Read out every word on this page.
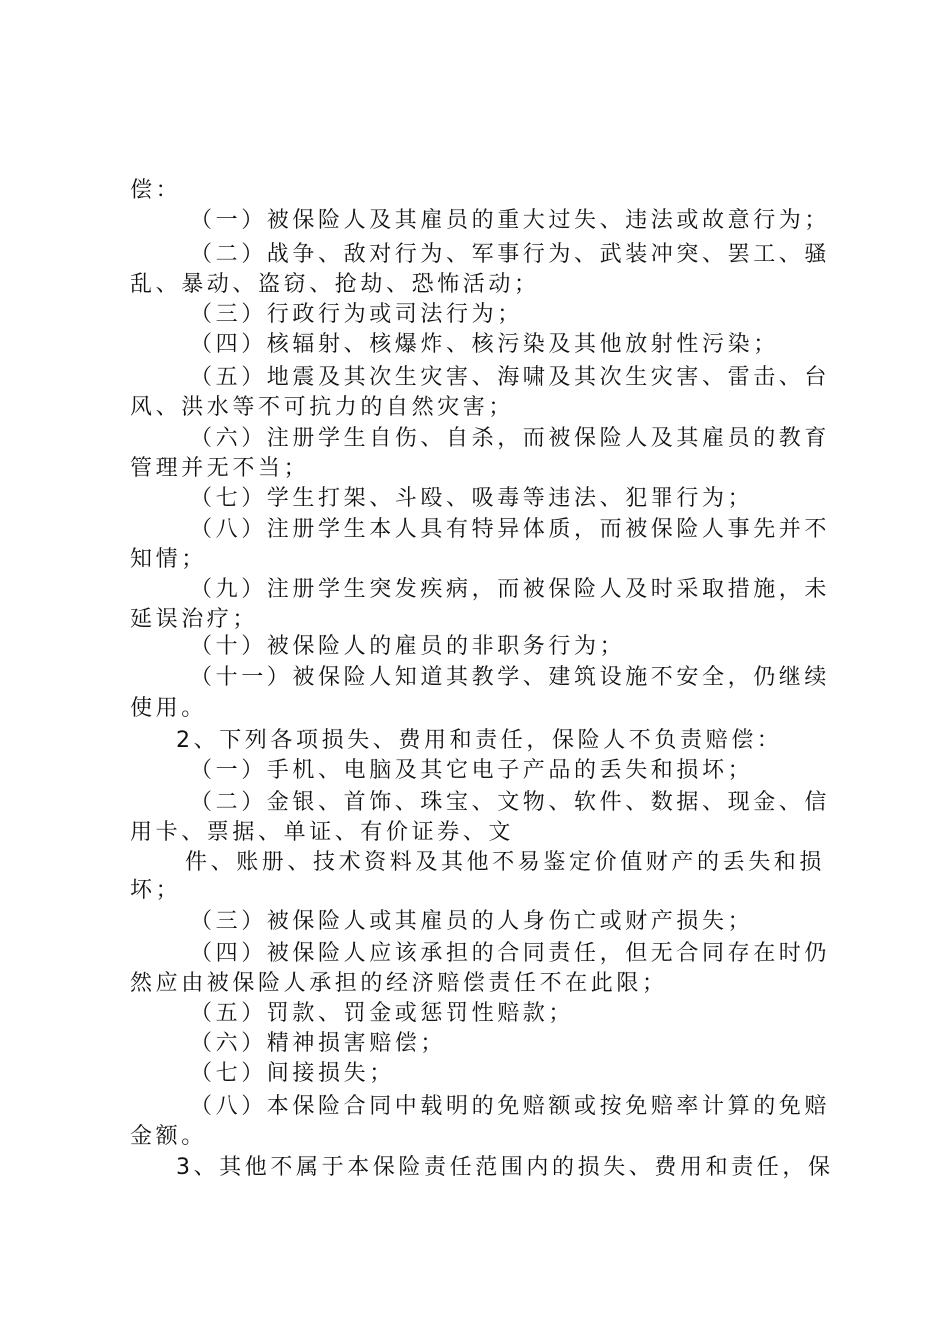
偿：
（一）被保险人及其雇员的重大过失、违法或故意行为；
（二）战争、敌对行为、军事行为、武装冲突、罢工、骚
乱、暴动、盗窃、抢劫、恐怖活动；
（三）行政行为或司法行为；
（四）核辐射、核爆炸、核污染及其他放射性污染；
（五）地震及其次生灾害、海啸及其次生灾害、雷击、台
风、洪水等不可抗力的自然灾害；
（六）注册学生自伤、自杀，而被保险人及其雇员的教育
管理并无不当；
（七）学生打架、斗殴、吸毒等违法、犯罪行为；
（八）注册学生本人具有特异体质，而被保险人事先并不
知情；
（九）注册学生突发疾病，而被保险人及时采取措施，未
延误治疗；
（十）被保险人的雇员的非职务行为；
（十一）被保险人知道其教学、建筑设施不安全，仍继续
使用。
2、下列各项损失、费用和责任，保险人不负责赔偿：
（一）手机、电脑及其它电子产品的丢失和损坏；
（二）金银、首饰、珠宝、文物、软件、数据、现金、信
用卡、票据、单证、有价证券、文
件、账册、技术资料及其他不易鉴定价值财产的丢失和损
坏；
（三）被保险人或其雇员的人身伤亡或财产损失；
（四）被保险人应该承担的合同责任，但无合同存在时仍
然应由被保险人承担的经济赔偿责任不在此限；
（五）罚款、罚金或惩罚性赔款；
（六）精神损害赔偿；
（七）间接损失；
（八）本保险合同中载明的免赔额或按免赔率计算的免赔
金额。
3、其他不属于本保险责任范围内的损失、费用和责任，保
